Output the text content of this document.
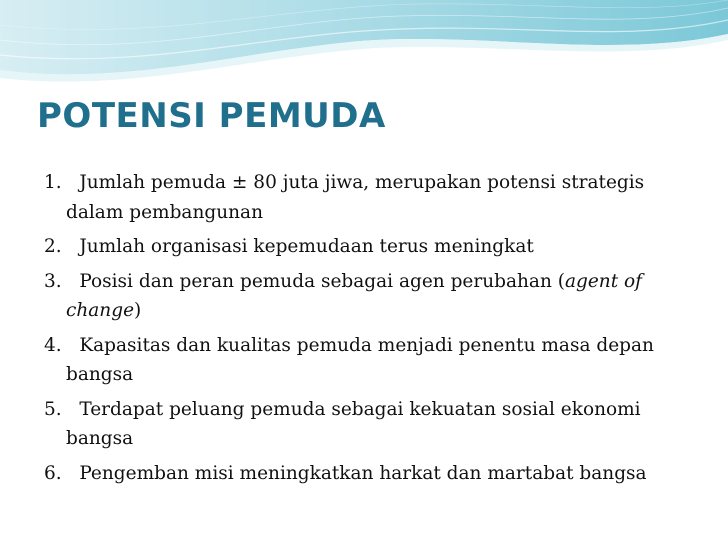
POTENSI PEMUDA
1.   Jumlah pemuda ± 80 juta jiwa, merupakan potensi strategis dalam pembangunan
2.   Jumlah organisasi kepemudaan terus meningkat
3.   Posisi dan peran pemuda sebagai agen perubahan (agent of change)
4.   Kapasitas dan kualitas pemuda menjadi penentu masa depan bangsa
5.   Terdapat peluang pemuda sebagai kekuatan sosial ekonomi bangsa
6.   Pengemban misi meningkatkan harkat dan martabat bangsa
